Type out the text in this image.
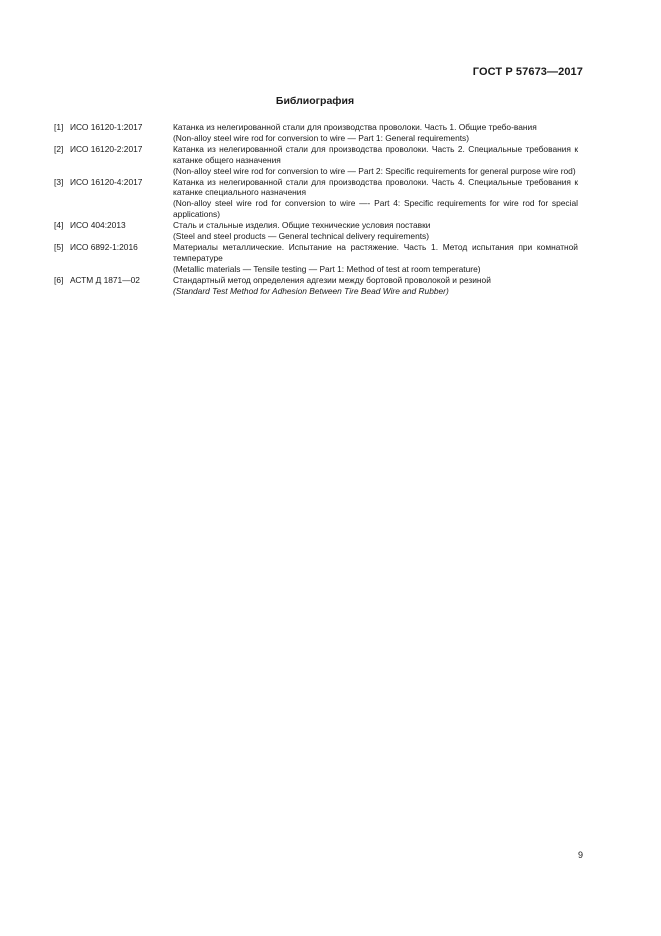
ГОСТ Р 57673—2017
Библиография
[1] ИСО 16120-1:2017	Катанка из нелегированной стали для производства проволоки. Часть 1. Общие требо-вания
(Non-alloy steel wire rod for conversion to wire — Part 1: General requirements)
[2] ИСО 16120-2:2017	Катанка из нелегированной стали для производства проволоки. Часть 2. Специальные требования к катанке общего назначения
(Non-alloy steel wire rod for conversion to wire — Part 2: Specific requirements for general purpose wire rod)
[3] ИСО 16120-4:2017	Катанка из нелегированной стали для производства проволоки. Часть 4. Специальные требования к катанке специального назначения
(Non-alloy steel wire rod for conversion to wire —- Part 4: Specific requirements for wire rod for special applications)
[4] ИСО 404:2013	Сталь и стальные изделия. Общие технические условия поставки
(Steel and steel products — General technical delivery requirements)
[5] ИСО 6892-1:2016	Материалы металлические. Испытание на растяжение. Часть 1. Метод испытания при комнатной температуре
(Metallic materials — Tensile testing — Part 1: Method of test at room temperature)
[6] АСТМ Д 1871—02	Стандартный метод определения адгезии между бортовой проволокой и резиной
(Standard Test Method for Adhesion Between Tire Bead Wire and Rubber)
9
